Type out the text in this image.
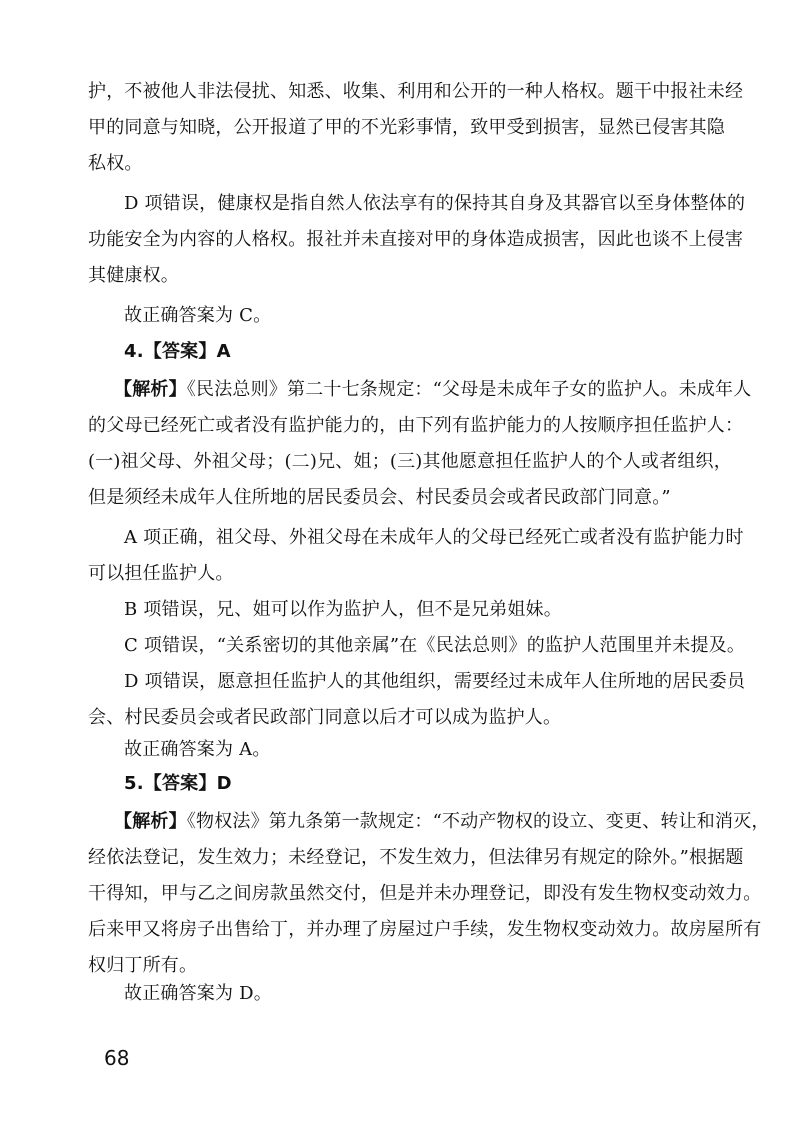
护，不被他人非法侵扰、知悉、收集、利用和公开的一种人格权。题干中报社未经
甲的同意与知晓，公开报道了甲的不光彩事情，致甲受到损害，显然已侵害其隐
私权。
D 项错误，健康权是指自然人依法享有的保持其自身及其器官以至身体整体的
功能安全为内容的人格权。报社并未直接对甲的身体造成损害，因此也谈不上侵害
其健康权。
故正确答案为 C。
4.【答案】A
【解析】《民法总则》第二十七条规定：“父母是未成年子女的监护人。未成年人
的父母已经死亡或者没有监护能力的，由下列有监护能力的人按顺序担任监护人：
(一)祖父母、外祖父母；(二)兄、姐；(三)其他愿意担任监护人的个人或者组织，
但是须经未成年人住所地的居民委员会、村民委员会或者民政部门同意。”
A 项正确，祖父母、外祖父母在未成年人的父母已经死亡或者没有监护能力时
可以担任监护人。
B 项错误，兄、姐可以作为监护人，但不是兄弟姐妹。
C 项错误，“关系密切的其他亲属”在《民法总则》的监护人范围里并未提及。
D 项错误，愿意担任监护人的其他组织，需要经过未成年人住所地的居民委员
会、村民委员会或者民政部门同意以后才可以成为监护人。
故正确答案为 A。
5.【答案】D
【解析】《物权法》第九条第一款规定：“不动产物权的设立、变更、转让和消灭，
经依法登记，发生效力；未经登记，不发生效力，但法律另有规定的除外。”根据题
干得知，甲与乙之间房款虽然交付，但是并未办理登记，即没有发生物权变动效力。
后来甲又将房子出售给丁，并办理了房屋过户手续，发生物权变动效力。故房屋所有
权归丁所有。
故正确答案为 D。
68
